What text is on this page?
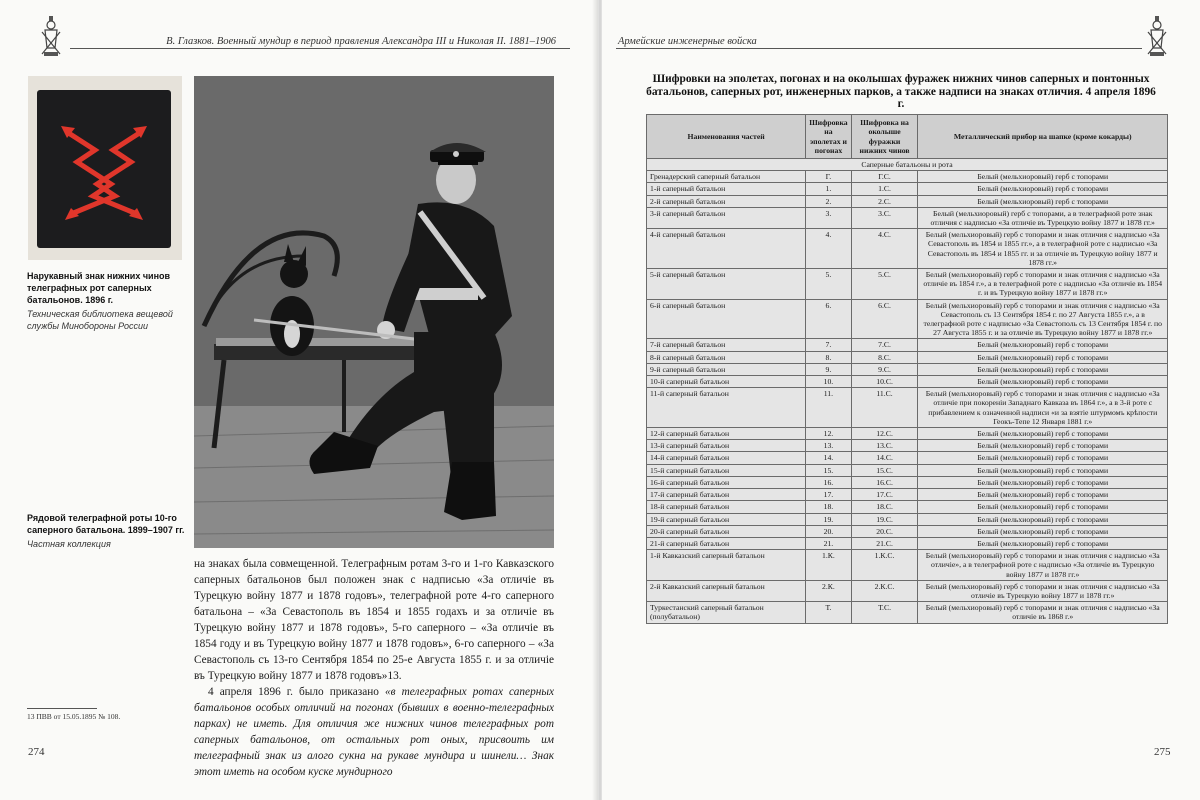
В. Глазков. Военный мундир в период правления Александра III и Николая II. 1881–1906
Нарукавный знак нижних чинов телеграфных рот саперных батальонов. 1896 г.
Техническая библиотека вещевой службы Минобороны России
Рядовой телеграфной роты 10-го саперного батальона. 1899–1907 гг.
Частная коллекция

на знаках была совмещенной. Телеграфным ротам 3-го и 1-го Кавказского саперных батальонов был положен знак с надписью «За отличiе въ Турецкую войну 1877 и 1878 годовъ», телеграфной роте 4-го саперного батальона – «За Севастополь въ 1854 и 1855 годахъ и за отличiе въ Турецкую войну 1877 и 1878 годовъ», 5-го саперного – «За отличiе въ 1854 году и въ Турецкую войну 1877 и 1878 годовъ», 6-го саперного – «За Севастополь съ 13-го Сентября 1854 по 25-е Августа 1855 г. и за отличiе въ Турецкую войну 1877 и 1878 годовъ»13.

4 апреля 1896 г. было приказано «в телеграфных ротах саперных батальонов особых отличий на погонах (бывших в военно-телеграфных парках) не иметь. Для отличия же нижних чинов телеграфных рот саперных батальонов, от остальных рот оных, присвоить им телеграфный знак из алого сукна на рукаве мундира и шинели… Знак этот иметь на особом куске мундирного

13 ПВВ от 15.05.1895 № 108.
274
Армейские инженерные войска
Шифровки на эполетах, погонах и на околышах фуражек нижних чинов саперных и понтонных батальонов, саперных рот, инженерных парков, а также надписи на знаках отличия. 4 апреля 1896 г.
Наименования частей	Шифровка на эполетах и погонах	Шифровка на околыше фуражки нижних чинов	Металлический прибор на шапке (кроме кокарды)
Саперные батальоны и рота			
Гренадерский саперный батальон	Г.	Г.С.	Белый (мельхиоровый) герб с топорами
1-й саперный батальон	1.	1.С.	Белый (мельхиоровый) герб с топорами
2-й саперный батальон	2.	2.С.	Белый (мельхиоровый) герб с топорами
3-й саперный батальон	3.	3.С.	Белый (мельхиоровый) герб с топорами, а в телеграфной роте знак отличия с надписью «За отличiе въ Турецкую войну 1877 и 1878 гг.»
4-й саперный батальон	4.	4.С.	Белый (мельхиоровый) герб с топорами и знак отличия с надписью «За Севастополь въ 1854 и 1855 гг.», а в телеграфной роте с надписью «За Севастополь въ 1854 и 1855 гг. и за отличiе въ Турецкую войну 1877 и 1878 гг.»
5-й саперный батальон	5.	5.С.	Белый (мельхиоровый) герб с топорами и знак отличия с надписью «За отличiе въ 1854 г.», а в телеграфной роте с надписью «За отличiе въ 1854 г. и въ Турецкую войну 1877 и 1878 гг.»
6-й саперный батальон	6.	6.С.	Белый (мельхиоровый) герб с топорами и знак отличия с надписью «За Севастополь съ 13 Сентября 1854 г. по 27 Августа 1855 г.», а в телеграфной роте с надписью «За Севастополь съ 13 Сентября 1854 г. по 27 Августа 1855 г. и за отличiе въ Турецкую войну 1877 и 1878 гг.»
7-й саперный батальон	7.	7.С.	Белый (мельхиоровый) герб с топорами
8-й саперный батальон	8.	8.С.	Белый (мельхиоровый) герб с топорами
9-й саперный батальон	9.	9.С.	Белый (мельхиоровый) герб с топорами
10-й саперный батальон	10.	10.С.	Белый (мельхиоровый) герб с топорами
11-й саперный батальон	11.	11.С.	Белый (мельхиоровый) герб с топорами и знак отличия с надписью «За отличiе при покоренiи Западнаго Кавказа въ 1864 г.», а в 3-й роте с прибавлением к означенной надписи «и за взятiе штурмомъ крѣпости Геокъ-Тепе 12 Января 1881 г.»
12-й саперный батальон	12.	12.С.	Белый (мельхиоровый) герб с топорами
13-й саперный батальон	13.	13.С.	Белый (мельхиоровый) герб с топорами
14-й саперный батальон	14.	14.С.	Белый (мельхиоровый) герб с топорами
15-й саперный батальон	15.	15.С.	Белый (мельхиоровый) герб с топорами
16-й саперный батальон	16.	16.С.	Белый (мельхиоровый) герб с топорами
17-й саперный батальон	17.	17.С.	Белый (мельхиоровый) герб с топорами
18-й саперный батальон	18.	18.С.	Белый (мельхиоровый) герб с топорами
19-й саперный батальон	19.	19.С.	Белый (мельхиоровый) герб с топорами
20-й саперный батальон	20.	20.С.	Белый (мельхиоровый) герб с топорами
21-й саперный батальон	21.	21.С.	Белый (мельхиоровый) герб с топорами
1-й Кавказский саперный батальон	1.К.	1.К.С.	Белый (мельхиоровый) герб с топорами и знак отличия с надписью «За отличiе», а в телеграфной роте с надписью «За отличiе въ Турецкую войну 1877 и 1878 гг.»
2-й Кавказский саперный батальон	2.К.	2.К.С.	Белый (мельхиоровый) герб с топорами и знак отличия с надписью «За отличiе въ Турецкую войну 1877 и 1878 гг.»
Туркестанский саперный батальон (полубатальон)	Т.	Т.С.	Белый (мельхиоровый) герб с топорами и знак отличия с надписью «За отличiе въ 1868 г.»
275
